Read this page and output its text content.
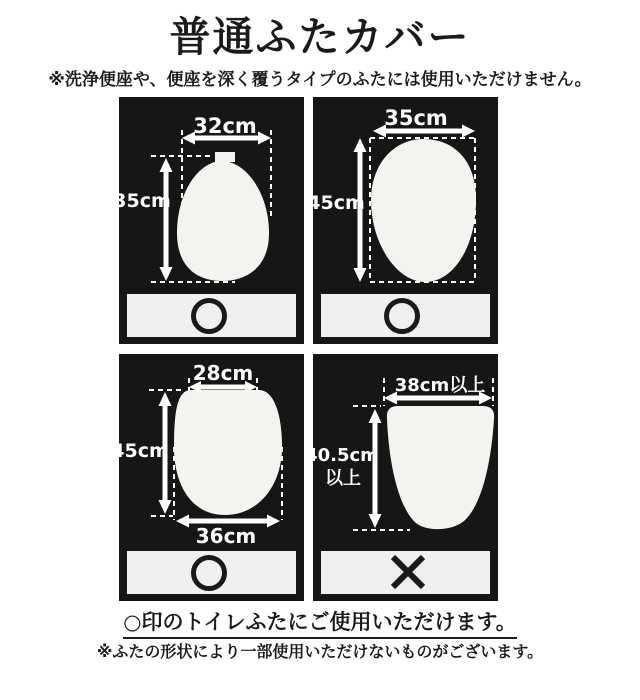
普通ふたカバー
※洗浄便座や、便座を深く覆うタイプのふたには使用いただけません。
32cm
35cm
35cm
45cm
28cm
45cm
36cm
38cm以上
40.5cm
以上
○印のトイレふたにご使用いただけます。
※ふたの形状により一部使用いただけないものがございます。
